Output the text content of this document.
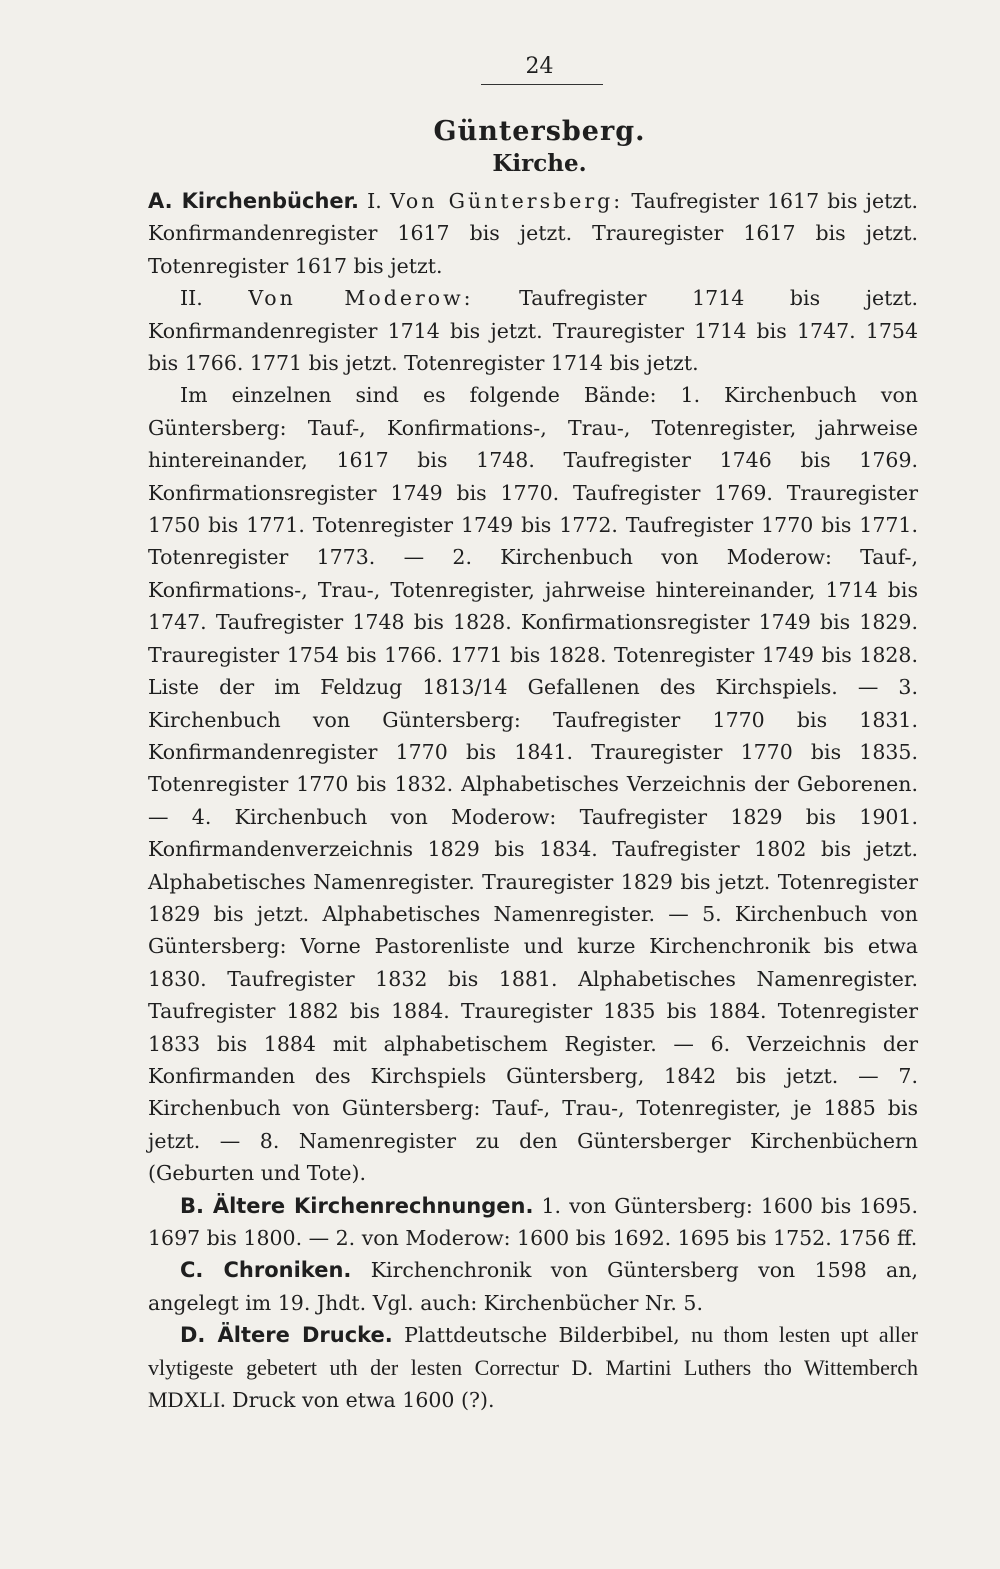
24
Güntersberg.
Kirche.

A. Kirchenbücher. I. Von Güntersberg: Taufregister 1617 bis jetzt. Konfirmandenregister 1617 bis jetzt. Trauregister 1617 bis jetzt. Totenregister 1617 bis jetzt.

II. Von Moderow: Taufregister 1714 bis jetzt. Konfirmandenregister 1714 bis jetzt. Trauregister 1714 bis 1747. 1754 bis 1766. 1771 bis jetzt. Totenregister 1714 bis jetzt.

Im einzelnen sind es folgende Bände: 1. Kirchenbuch von Güntersberg: Tauf-, Konfirmations-, Trau-, Totenregister, jahrweise hintereinander, 1617 bis 1748. Taufregister 1746 bis 1769. Konfirmationsregister 1749 bis 1770. Taufregister 1769. Trauregister 1750 bis 1771. Totenregister 1749 bis 1772. Taufregister 1770 bis 1771. Totenregister 1773. — 2. Kirchenbuch von Moderow: Tauf-, Konfirmations-, Trau-, Totenregister, jahrweise hintereinander, 1714 bis 1747. Taufregister 1748 bis 1828. Konfirmationsregister 1749 bis 1829. Trauregister 1754 bis 1766. 1771 bis 1828. Totenregister 1749 bis 1828. Liste der im Feldzug 1813/14 Gefallenen des Kirchspiels. — 3. Kirchenbuch von Güntersberg: Taufregister 1770 bis 1831. Konfirmandenregister 1770 bis 1841. Trauregister 1770 bis 1835. Totenregister 1770 bis 1832. Alphabetisches Verzeichnis der Geborenen. — 4. Kirchenbuch von Moderow: Taufregister 1829 bis 1901. Konfirmandenverzeichnis 1829 bis 1834. Taufregister 1802 bis jetzt. Alphabetisches Namenregister. Trauregister 1829 bis jetzt. Totenregister 1829 bis jetzt. Alphabetisches Namenregister. — 5. Kirchenbuch von Güntersberg: Vorne Pastorenliste und kurze Kirchenchronik bis etwa 1830. Taufregister 1832 bis 1881. Alphabetisches Namenregister. Taufregister 1882 bis 1884. Trauregister 1835 bis 1884. Totenregister 1833 bis 1884 mit alphabetischem Register. — 6. Verzeichnis der Konfirmanden des Kirchspiels Güntersberg, 1842 bis jetzt. — 7. Kirchenbuch von Güntersberg: Tauf-, Trau-, Totenregister, je 1885 bis jetzt. — 8. Namenregister zu den Güntersberger Kirchenbüchern (Geburten und Tote).

B. Ältere Kirchenrechnungen. 1. von Güntersberg: 1600 bis 1695. 1697 bis 1800. — 2. von Moderow: 1600 bis 1692. 1695 bis 1752. 1756 ff.

C. Chroniken. Kirchenchronik von Güntersberg von 1598 an, angelegt im 19. Jhdt. Vgl. auch: Kirchenbücher Nr. 5.

D. Ältere Drucke. Plattdeutsche Bilderbibel, nu thom lesten upt aller vlytigeste gebetert uth der lesten Correctur D. Martini Luthers tho Wittemberch MDXLI. Druck von etwa 1600 (?).
